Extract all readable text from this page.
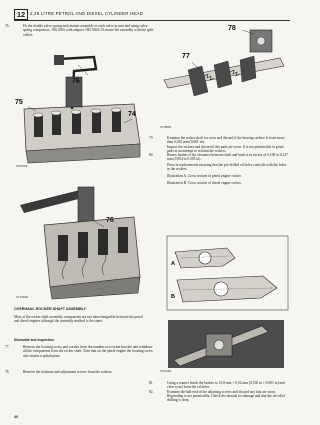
12	2.25 LITRE PETROL AND DIESEL CYLINDER HEAD
76.	Fit the double valve spring and retainer assembly to each valve in turn and using valve spring compressor, 18G106A with adaptor 18G106A/10 secure the assembly with the split-collets.
76
75
74
ST6634M
76
ST 6299M
OVERHAUL ROCKER SHAFT ASSEMBLY
Most of the rocker shaft assembly components are not interchangeable between the petrol and diesel engines although the assembly method is the same.
Dismantle and inspection
77.	Remove the locating screw and washer from the number two rocker bracket and withdraw all the components from the rocker shaft. Note that on the petrol engine the locating screw also retains a splash plate.
78.	Remove the locknuts and adjustment screws from the rockers.
40
78
77
ST7885M
79.	Examine the rocker shaft for wear and discard if the bearing surface is worn more than 0,025 mm (0.001 in).
Inspect the rockers and discard if the pads are worn. It is not permissible to grind pads in an attempt to reclaim the rockers.
80.	Renew bushes if the clearance between shaft and bush is in excess of 0,100 to 0,127 mm (0.004 to 0.005 in).
Press in replacements ensuring that the pre-drilled oil holes coincide with the holes in the rockers.
Illustration A. Cross section of petrol engine rocker.
Illustration B. Cross section of diesel engine rocker.
A
B
ST6344M
81.	Using a reamer finish the bushes to 15,8 mm + 0,02 mm (0.530 in + 0.001 in) and clear swarf from the oil holes.
82.	Examine the ball-end of the adjusting screws and discard any that are worn. Regrinding is not permissible. Check the threads for damage and that the oil relief drilling is clear.
